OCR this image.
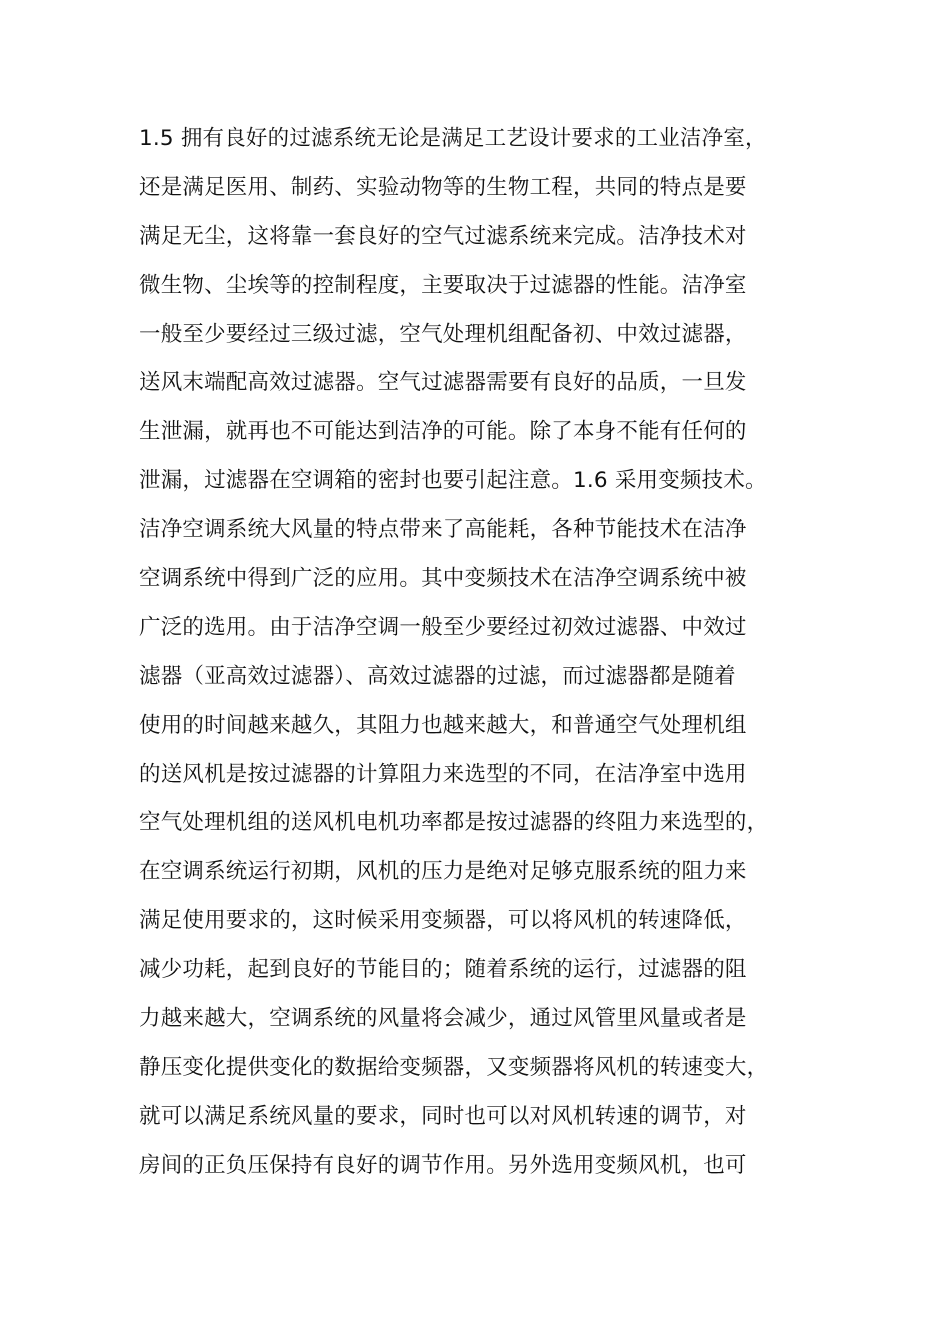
1.5 拥有良好的过滤系统无论是满足工艺设计要求的工业洁净室，
还是满足医用、制药、实验动物等的生物工程，共同的特点是要
满足无尘，这将靠一套良好的空气过滤系统来完成。洁净技术对
微生物、尘埃等的控制程度，主要取决于过滤器的性能。洁净室
一般至少要经过三级过滤，空气处理机组配备初、中效过滤器，
送风末端配高效过滤器。空气过滤器需要有良好的品质，一旦发
生泄漏，就再也不可能达到洁净的可能。除了本身不能有任何的
泄漏，过滤器在空调箱的密封也要引起注意。1.6 采用变频技术。
洁净空调系统大风量的特点带来了高能耗，各种节能技术在洁净
空调系统中得到广泛的应用。其中变频技术在洁净空调系统中被
广泛的选用。由于洁净空调一般至少要经过初效过滤器、中效过
滤器（亚高效过滤器）、高效过滤器的过滤，而过滤器都是随着
使用的时间越来越久，其阻力也越来越大，和普通空气处理机组
的送风机是按过滤器的计算阻力来选型的不同，在洁净室中选用
空气处理机组的送风机电机功率都是按过滤器的终阻力来选型的，
在空调系统运行初期，风机的压力是绝对足够克服系统的阻力来
满足使用要求的，这时候采用变频器，可以将风机的转速降低，
减少功耗，起到良好的节能目的；随着系统的运行，过滤器的阻
力越来越大，空调系统的风量将会减少，通过风管里风量或者是
静压变化提供变化的数据给变频器，又变频器将风机的转速变大，
就可以满足系统风量的要求，同时也可以对风机转速的调节，对
房间的正负压保持有良好的调节作用。另外选用变频风机，也可
